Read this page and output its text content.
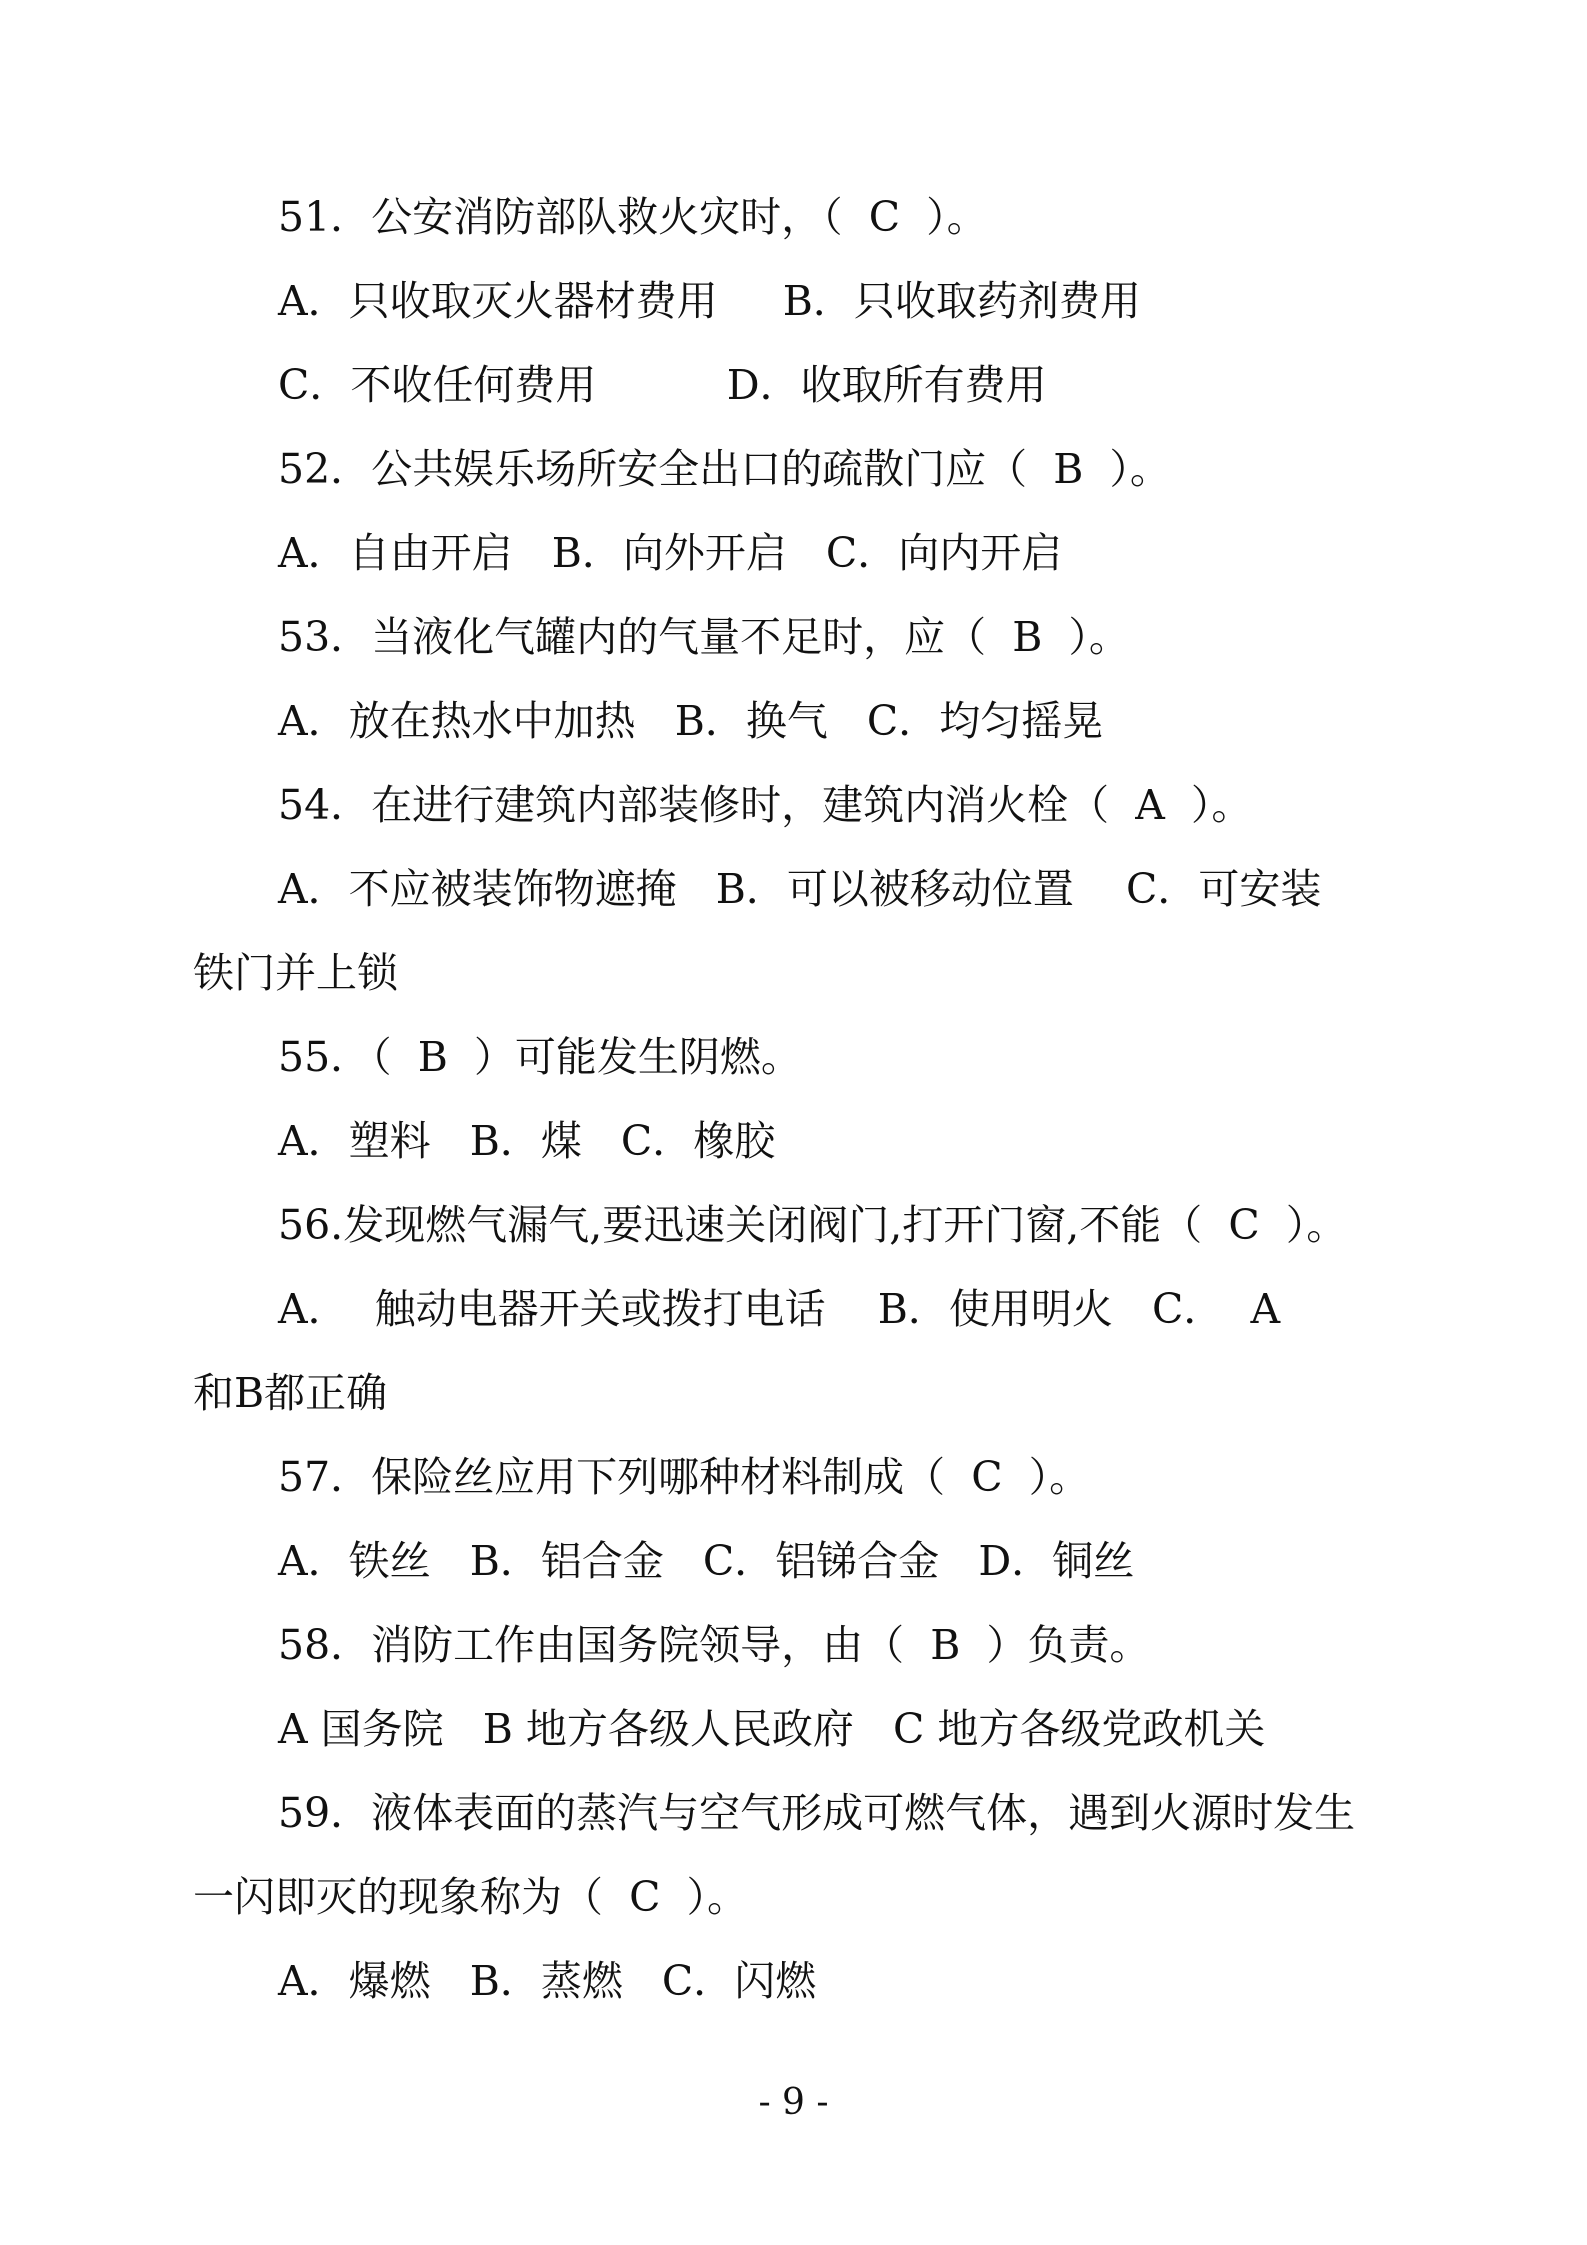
51．公安消防部队救火灾时，（  C  ）。
A．只收取灭火器材费用     B．只收取药剂费用
C．不收任何费用          D．收取所有费用
52．公共娱乐场所安全出口的疏散门应（  B  ）。
A．自由开启   B．向外开启   C．向内开启
53．当液化气罐内的气量不足时，应（  B  ）。
A．放在热水中加热   B．换气   C．均匀摇晃
54．在进行建筑内部装修时，建筑内消火栓（  A  ）。
A．不应被装饰物遮掩   B．可以被移动位置    C．可安装
铁门并上锁
55．（  B  ）可能发生阴燃。
A．塑料   B．煤   C．橡胶
56.发现燃气漏气,要迅速关闭阀门,打开门窗,不能（  C  ）。
A．  触动电器开关或拨打电话    B．使用明火   C．  A
和B都正确
57．保险丝应用下列哪种材料制成（  C  ）。
A．铁丝   B．铝合金   C．铝锑合金   D．铜丝
58．消防工作由国务院领导，由（  B  ）负责。
A 国务院   B 地方各级人民政府   C 地方各级党政机关
59．液体表面的蒸汽与空气形成可燃气体，遇到火源时发生
一闪即灭的现象称为（  C  ）。
A．爆燃   B．蒸燃   C．闪燃
- 9 -
